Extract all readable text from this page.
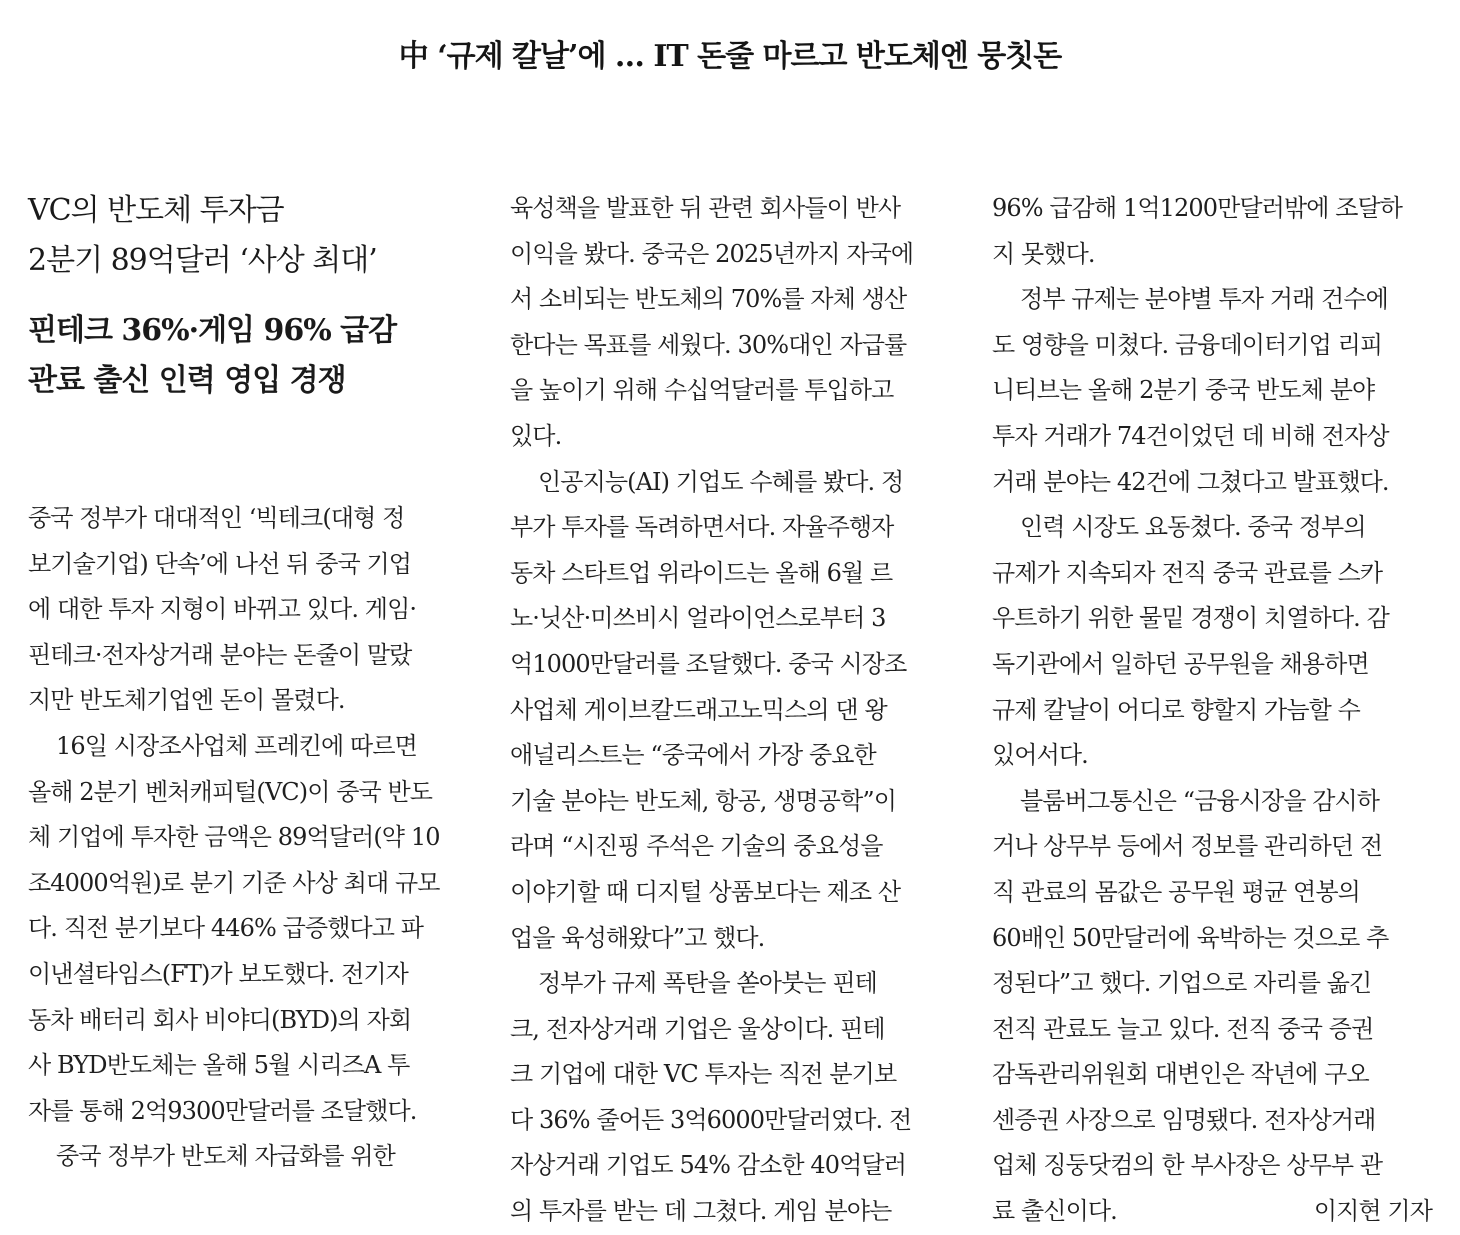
中 ‘규제 칼날’에 … IT 돈줄 마르고 반도체엔 뭉칫돈
VC의 반도체 투자금
2분기 89억달러 ‘사상 최대’
핀테크 36%·게임 96% 급감
관료 출신 인력 영입 경쟁
중국 정부가 대대적인 ‘빅테크(대형 정
보기술기업) 단속’에 나선 뒤 중국 기업
에 대한 투자 지형이 바뀌고 있다. 게임·
핀테크·전자상거래 분야는 돈줄이 말랐
지만 반도체기업엔 돈이 몰렸다.
16일 시장조사업체 프레킨에 따르면
올해 2분기 벤처캐피털(VC)이 중국 반도
체 기업에 투자한 금액은 89억달러(약 10
조4000억원)로 분기 기준 사상 최대 규모
다. 직전 분기보다 446% 급증했다고 파
이낸셜타임스(FT)가 보도했다. 전기자
동차 배터리 회사 비야디(BYD)의 자회
사 BYD반도체는 올해 5월 시리즈A 투
자를 통해 2억9300만달러를 조달했다.
중국 정부가 반도체 자급화를 위한
육성책을 발표한 뒤 관련 회사들이 반사
이익을 봤다. 중국은 2025년까지 자국에
서 소비되는 반도체의 70%를 자체 생산
한다는 목표를 세웠다. 30%대인 자급률
을 높이기 위해 수십억달러를 투입하고
있다.
인공지능(AI) 기업도 수혜를 봤다. 정
부가 투자를 독려하면서다. 자율주행자
동차 스타트업 위라이드는 올해 6월 르
노·닛산·미쓰비시 얼라이언스로부터 3
억1000만달러를 조달했다. 중국 시장조
사업체 게이브칼드래고노믹스의 댄 왕
애널리스트는 “중국에서 가장 중요한
기술 분야는 반도체, 항공, 생명공학”이
라며 “시진핑 주석은 기술의 중요성을
이야기할 때 디지털 상품보다는 제조 산
업을 육성해왔다”고 했다.
정부가 규제 폭탄을 쏟아붓는 핀테
크, 전자상거래 기업은 울상이다. 핀테
크 기업에 대한 VC 투자는 직전 분기보
다 36% 줄어든 3억6000만달러였다. 전
자상거래 기업도 54% 감소한 40억달러
의 투자를 받는 데 그쳤다. 게임 분야는
96% 급감해 1억1200만달러밖에 조달하
지 못했다.
정부 규제는 분야별 투자 거래 건수에
도 영향을 미쳤다. 금융데이터기업 리피
니티브는 올해 2분기 중국 반도체 분야
투자 거래가 74건이었던 데 비해 전자상
거래 분야는 42건에 그쳤다고 발표했다.
인력 시장도 요동쳤다. 중국 정부의
규제가 지속되자 전직 중국 관료를 스카
우트하기 위한 물밑 경쟁이 치열하다. 감
독기관에서 일하던 공무원을 채용하면
규제 칼날이 어디로 향할지 가늠할 수
있어서다.
블룸버그통신은 “금융시장을 감시하
거나 상무부 등에서 정보를 관리하던 전
직 관료의 몸값은 공무원 평균 연봉의
60배인 50만달러에 육박하는 것으로 추
정된다”고 했다. 기업으로 자리를 옮긴
전직 관료도 늘고 있다. 전직 중국 증권
감독관리위원회 대변인은 작년에 구오
센증권 사장으로 임명됐다. 전자상거래
업체 징둥닷컴의 한 부사장은 상무부 관
료 출신이다.	이지현 기자
